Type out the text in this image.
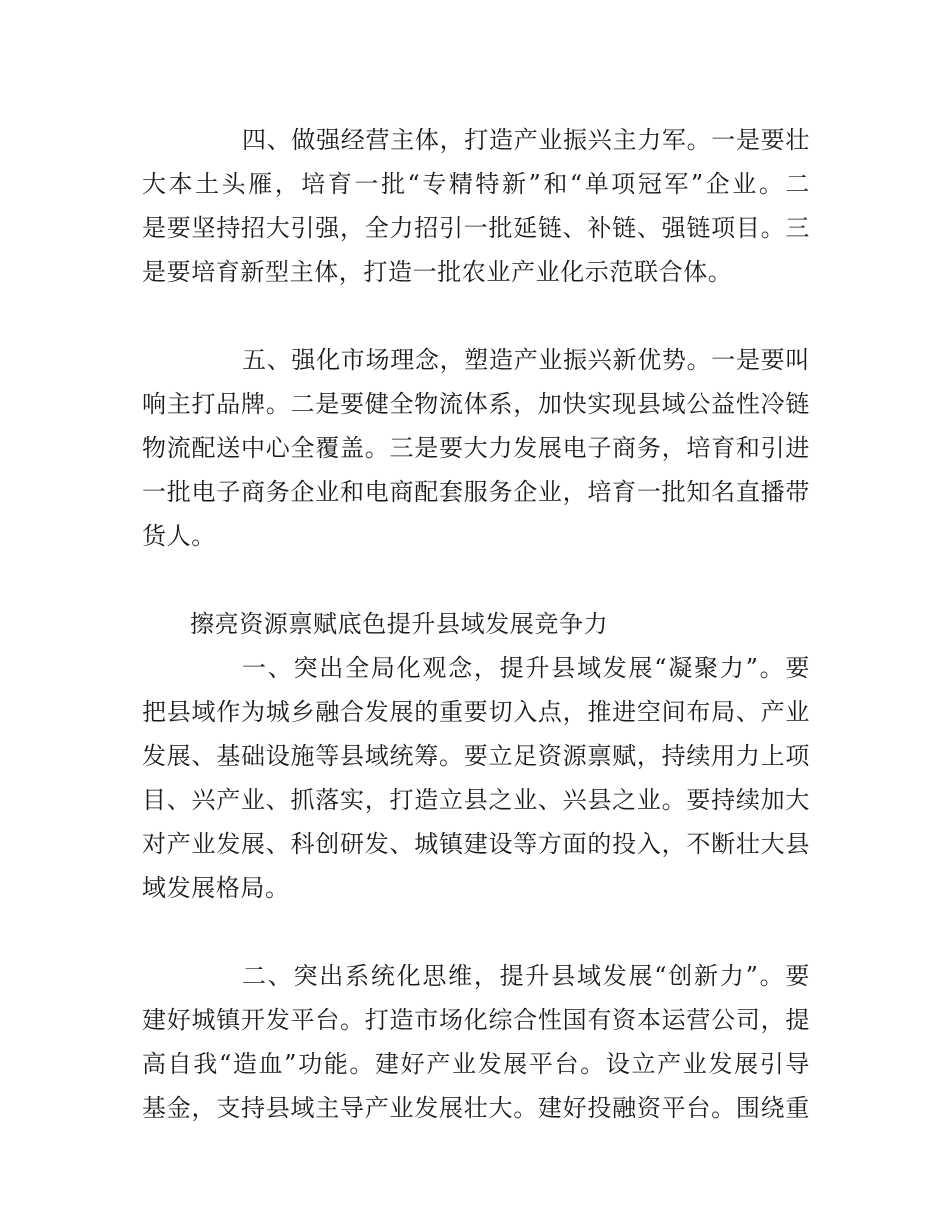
四、做强经营主体，打造产业振兴主力军。一是要壮
大本土头雁，培育一批“专精特新”和“单项冠军”企业。二
是要坚持招大引强，全力招引一批延链、补链、强链项目。三
是要培育新型主体，打造一批农业产业化示范联合体。

五、强化市场理念，塑造产业振兴新优势。一是要叫
响主打品牌。二是要健全物流体系，加快实现县域公益性冷链
物流配送中心全覆盖。三是要大力发展电子商务，培育和引进
一批电子商务企业和电商配套服务企业，培育一批知名直播带
货人。

擦亮资源禀赋底色提升县域发展竞争力

一、突出全局化观念，提升县域发展“凝聚力”。要
把县域作为城乡融合发展的重要切入点，推进空间布局、产业
发展、基础设施等县域统筹。要立足资源禀赋，持续用力上项
目、兴产业、抓落实，打造立县之业、兴县之业。要持续加大
对产业发展、科创研发、城镇建设等方面的投入，不断壮大县
域发展格局。

二、突出系统化思维，提升县域发展“创新力”。要
建好城镇开发平台。打造市场化综合性国有资本运营公司，提
高自我“造血”功能。建好产业发展平台。设立产业发展引导
基金，支持县域主导产业发展壮大。建好投融资平台。围绕重
